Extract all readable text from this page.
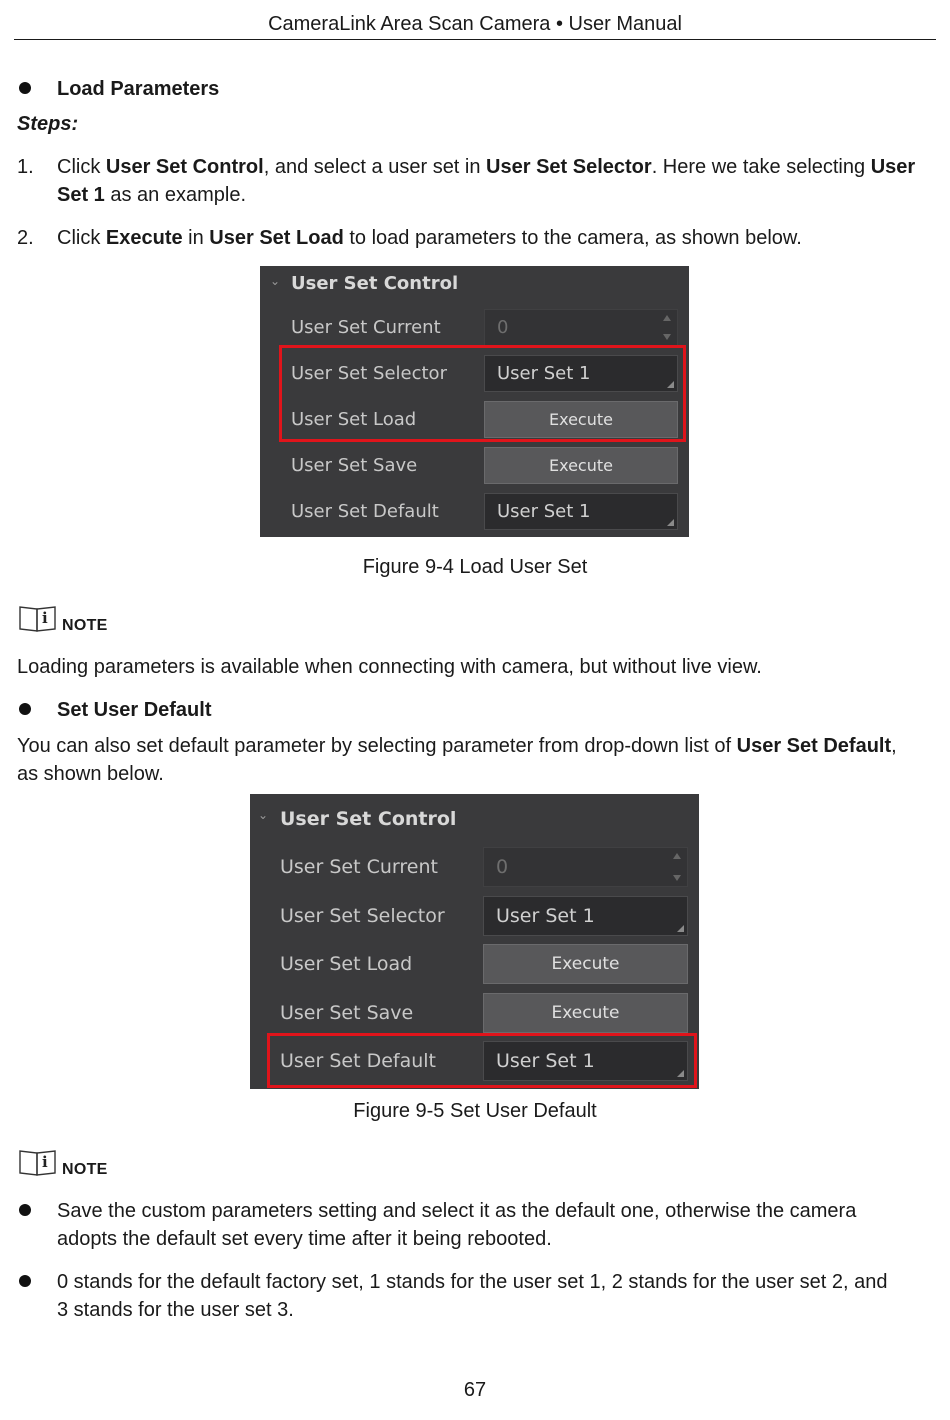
CameraLink Area Scan Camera • User Manual
Load Parameters
Steps:
1. Click User Set Control, and select a user set in User Set Selector. Here we take selecting User
Set 1 as an example.
2. Click Execute in User Set Load to load parameters to the camera, as shown below.
⌄ User Set Control
User Set Current	0
User Set Selector	User Set 1
User Set Load	Execute
User Set Save	Execute
User Set Default	User Set 1
Figure 9-4 Load User Set
i NOTE
Loading parameters is available when connecting with camera, but without live view.
Set User Default
You can also set default parameter by selecting parameter from drop-down list of User Set Default,
as shown below.
⌄ User Set Control
User Set Current	0
User Set Selector	User Set 1
User Set Load	Execute
User Set Save	Execute
User Set Default	User Set 1
Figure 9-5 Set User Default
i NOTE
Save the custom parameters setting and select it as the default one, otherwise the camera
adopts the default set every time after it being rebooted.
0 stands for the default factory set, 1 stands for the user set 1, 2 stands for the user set 2, and
3 stands for the user set 3.
67
